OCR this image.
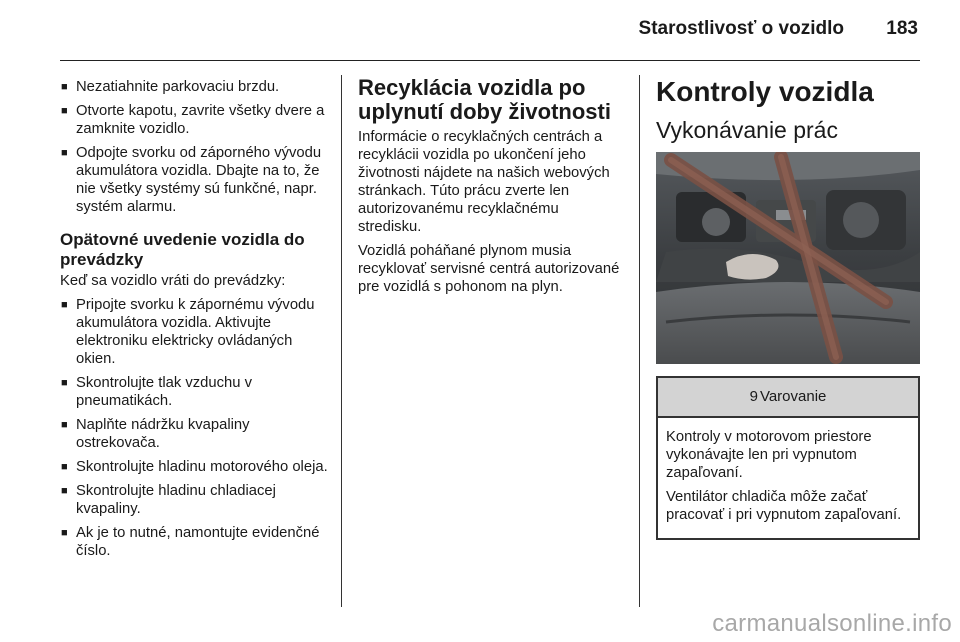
Starostlivosť o vozidlo 183
■ Nezatiahnite parkovaciu brzdu.
■ Otvorte kapotu, zavrite všetky dvere a zamknite vozidlo.
■ Odpojte svorku od záporného vývodu akumulátora vozidla. Dbajte na to, že nie všetky systémy sú funkčné, napr. systém alarmu.
Opätovné uvedenie vozidla do prevádzky
Keď sa vozidlo vráti do prevádzky:
■ Pripojte svorku k zápornému vývodu akumulátora vozidla. Aktivujte elektroniku elektricky ovládaných okien.
■ Skontrolujte tlak vzduchu v pneumatikách.
■ Naplňte nádržku kvapaliny ostrekovača.
■ Skontrolujte hladinu motorového oleja.
■ Skontrolujte hladinu chladiacej kvapaliny.
■ Ak je to nutné, namontujte evidenčné číslo.
Recyklácia vozidla po uplynutí doby životnosti

Informácie o recyklačných centrách a recyklácii vozidla po ukončení jeho životnosti nájdete na našich webových stránkach. Túto prácu zverte len autorizovanému recyklačnému stredisku.

Vozidlá poháňané plynom musia recyklovať servisné centrá autorizované pre vozidlá s pohonom na plyn.

Kontroly vozidla
Vykonávanie prác
9 Varovanie

Kontroly v motorovom priestore vykonávajte len pri vypnutom zapaľovaní.

Ventilátor chladiča môže začať pracovať i pri vypnutom zapaľovaní.

carmanualsonline.info
